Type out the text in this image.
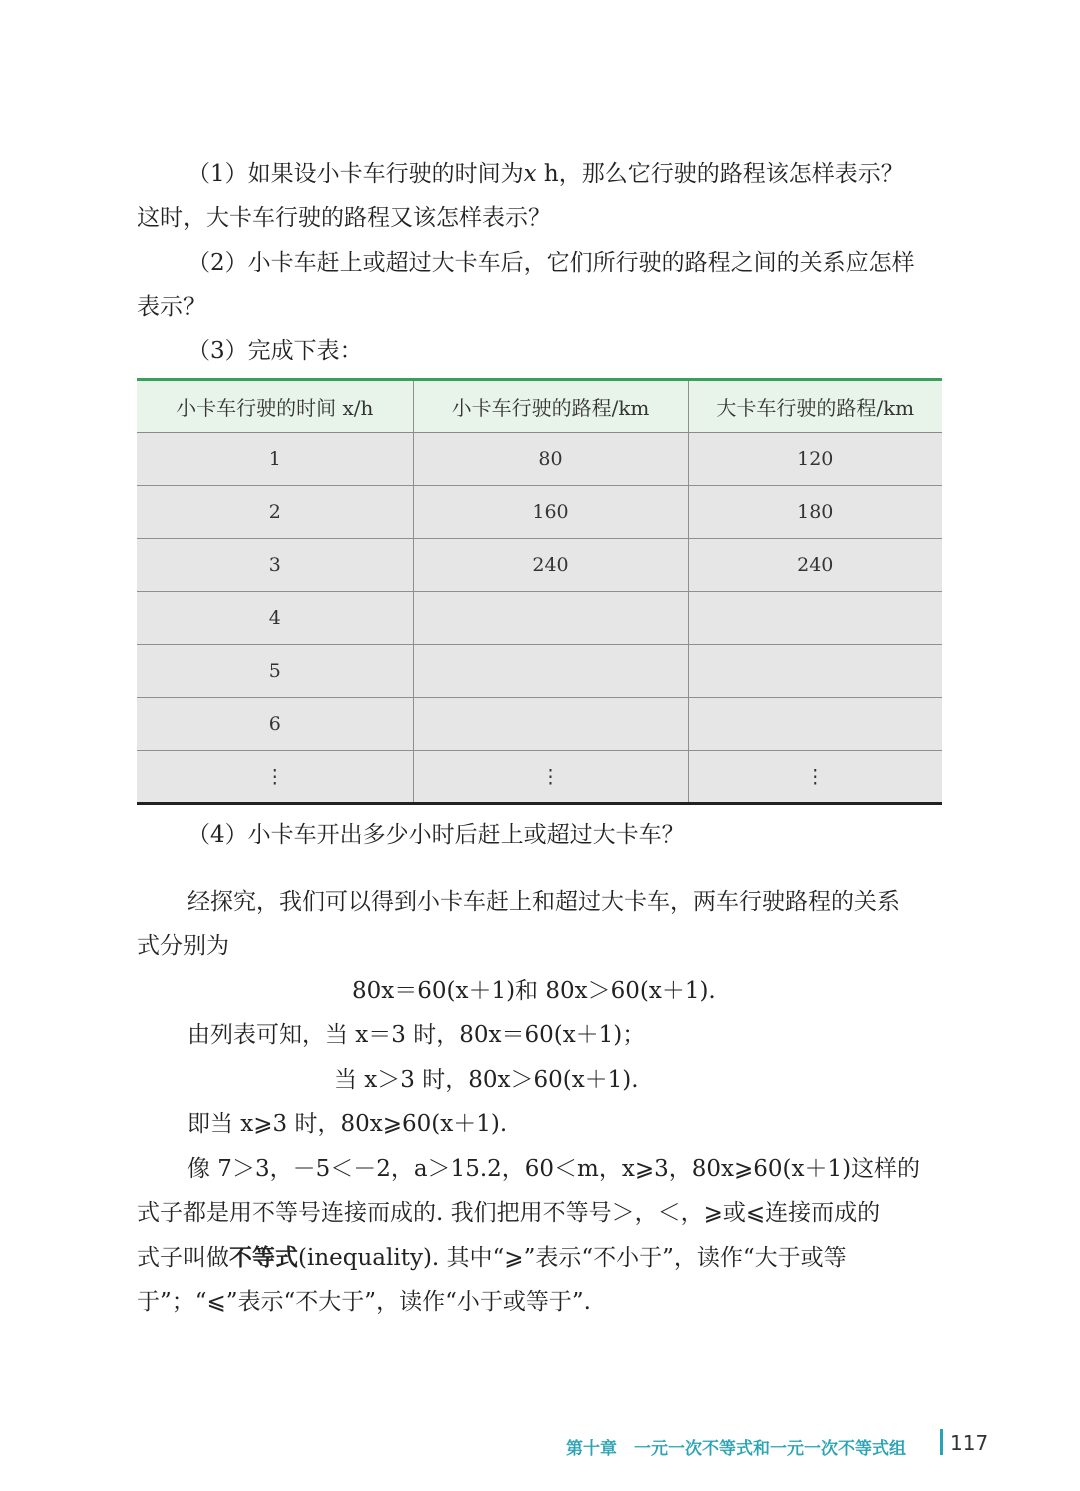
（1）如果设小卡车行驶的时间为x h，那么它行驶的路程该怎样表示？
这时，大卡车行驶的路程又该怎样表示？
（2）小卡车赶上或超过大卡车后，它们所行驶的路程之间的关系应怎样
表示？
（3）完成下表：
小卡车行驶的时间 x/h	小卡车行驶的路程/km	大卡车行驶的路程/km
1	80	120
2	160	180
3	240	240
4		
5		
6		
⋮	⋮	⋮
（4）小卡车开出多少小时后赶上或超过大卡车？
经探究，我们可以得到小卡车赶上和超过大卡车，两车行驶路程的关系
式分别为
80x＝60(x＋1)和 80x＞60(x＋1).
由列表可知，当 x＝3 时，80x＝60(x＋1)；
当 x＞3 时，80x＞60(x＋1).
即当 x⩾3 时，80x⩾60(x＋1).
像 7＞3，－5＜－2，a＞15.2，60＜m，x⩾3，80x⩾60(x＋1)这样的
式子都是用不等号连接而成的. 我们把用不等号＞，＜，⩾或⩽连接而成的
式子叫做不等式(inequality). 其中“⩾”表示“不小于”，读作“大于或等
于”；“⩽”表示“不大于”，读作“小于或等于”.
第十章　一元一次不等式和一元一次不等式组 117
